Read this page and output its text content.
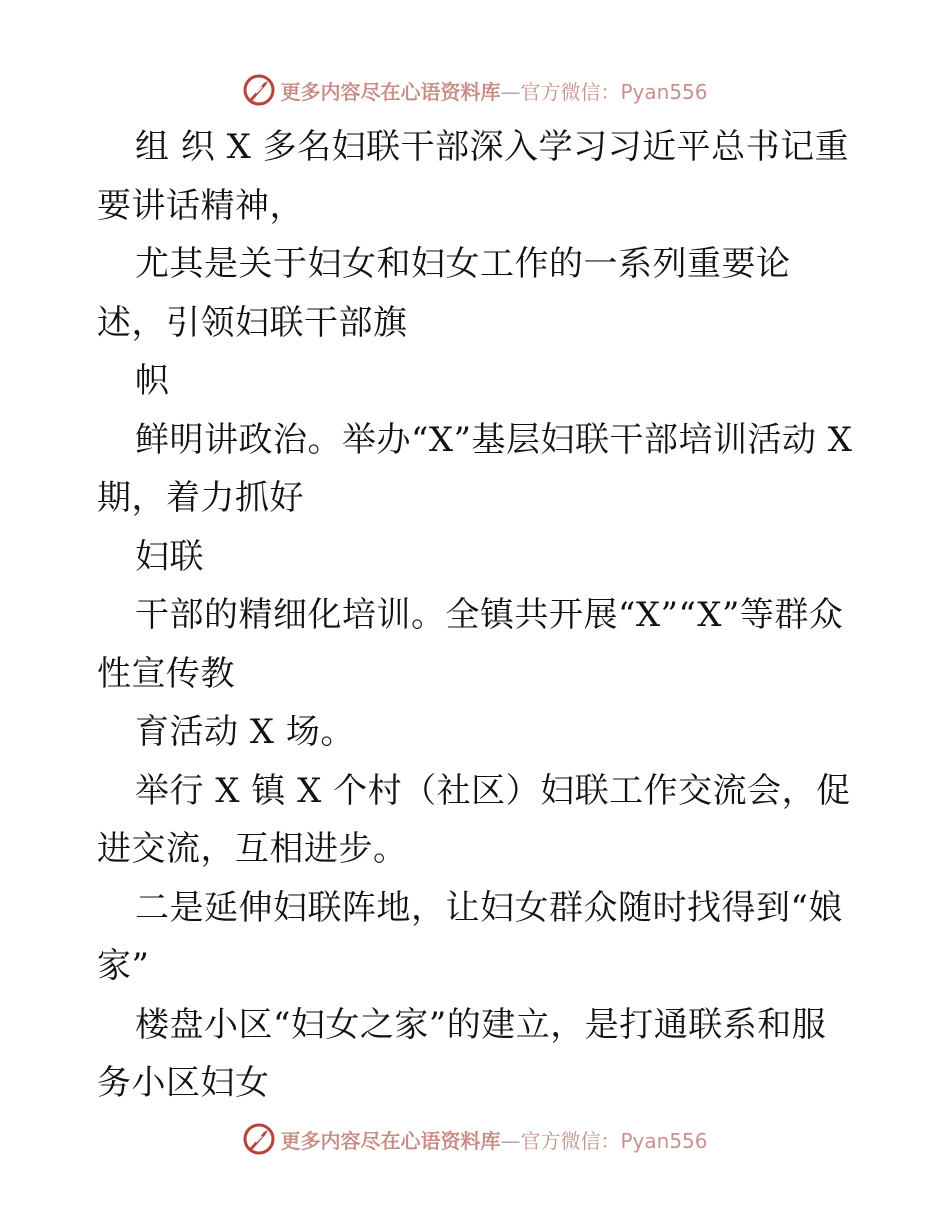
更多内容尽在心语资料库—官方微信：Pyan556

组 织 X 多名妇联干部深入学习习近平总书记重要讲话精神，

尤其是关于妇女和妇女工作的一系列重要论述，引领妇联干部旗

帜

鲜明讲政治。举办“X”基层妇联干部培训活动 X 期，着力抓好

妇联

干部的精细化培训。全镇共开展“X”“X”等群众性宣传教

育活动 X 场。

举行 X 镇 X 个村（社区）妇联工作交流会，促进交流，互相进步。

二是延伸妇联阵地，让妇女群众随时找得到“娘家”

楼盘小区“妇女之家”的建立，是打通联系和服务小区妇女

更多内容尽在心语资料库—官方微信：Pyan556
